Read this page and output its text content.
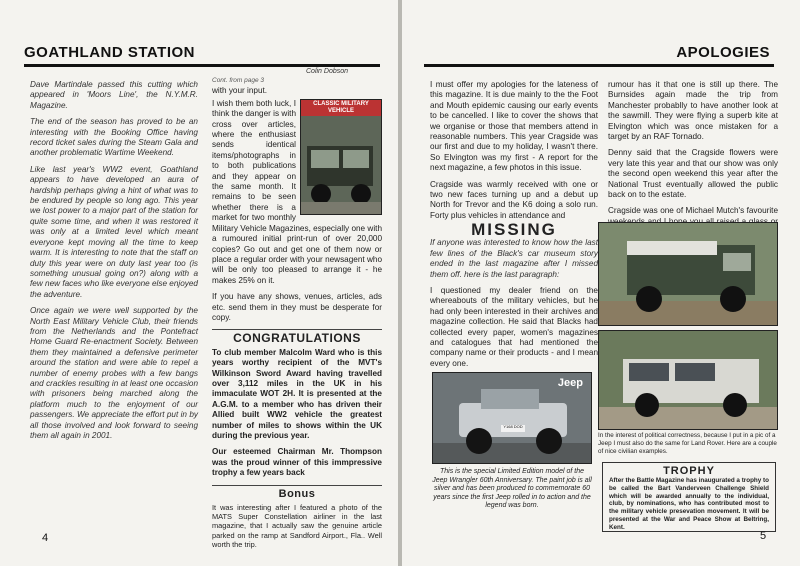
GOATHLAND STATION
Colin Dobson

Dave Martindale passed this cutting which appeared in 'Moors Line', the N.Y.M.R. Magazine.

The end of the season has proved to be an interesting with the Booking Office having record ticket sales during the Steam Gala and another problematic Wartime Weekend.

Like last year's WW2 event, Goathland appears to have developed an aura of hardship perhaps giving a hint of what was to be endured by people so long ago. This year we lost power to a major part of the station for quite some time, and when it was restored it was only at a limited level which meant everyone kept moving all the time to keep warm. It is interesting to note that the staff on duty this year were on duty last year too (is something unusual going on?) along with a few new faces who like everyone else enjoyed the adventure.

Once again we were well supported by the North East Military Vehicle Club, their friends from the Netherlands and the Pontefract Home Guard Re-enactment Society. Between them they maintained a defensive perimeter around the station and were able to repel a number of enemy probes with a few bangs and crackles resulting in at least one occasion with prisoners being marched along the platform much to the enjoyment of our passengers. We appreciate the effort put in by all those involved and look forward to seeing them all again in 2001.

Cont. from page 3

with your input.

CLASSIC MILITARY VEHICLE

I wish them both luck, I think the danger is with cross over articles, where the enthusiast sends identical items/photographs in to both publications and they appear on the same month. It remains to be seen whether there is a market for two monthly Military Vehicle Magazines, especially one with a rumoured initial print-run of over 20,000 copies? Go out and get one of them now or place a regular order with your newsagent who will be only too pleased to arrange it - he makes 25% on it.

If you have any shows, venues, articles, ads etc. send them in they must be desperate for copy.

CONGRATULATIONS

To club member Malcolm Ward who is this years worthy recipient of the MVT's Wilkinson Sword Award having travelled over 3,112 miles in the UK in his immaculate WOT 2H. It is presented at the A.G.M. to a member who has driven their Allied built WW2 vehicle the greatest number of miles to shows within the UK during the previous year.

Our esteemed Chairman Mr. Thompson was the proud winner of this immpressive trophy a few years back

Bonus

It was interesting after I featured a photo of the MATS Super Constellation airliner in the last magazine, that I actually saw the genuine article parked on the ramp at Sandford Airport., Fla.. Well worth the trip.

4
APOLOGIES

I must offer my apologies for the lateness of this magazine. It is due mainly to the the Foot and Mouth epidemic causing our early events to be cancelled. I like to cover the shows that we organise or those that members attend in reasonable numbers. This year Cragside was our first and due to my holiday, I wasn't there. So Elvington was my first - A report for the next magazine, a few photos in this issue.

Cragside was warmly received with one or two new faces turning up and a debut up North for Trevor and the K6 doing a solo run. Forty plus vehicles in attendance and

rumour has it that one is still up there. The Burnsides again made the trip from Manchester probablly to have another look at the sawmill. They were flying a superb kite at Elvington which was once mistaken for a target by an RAF Tornado.

Denny said that the Cragside flowers were very late this year and that our show was only the second open weekend this year after the National Trust eventually allowed the public back on to the estate.

Cragside was one of Michael Mutch's favourite

MISSING

If anyone was interested to know how the last few lines of the Black's car museum story ended in the last magazine after I missed them off. here is the last paragraph:

I questioned my dealer friend on the whereabouts of the military vehicles, but he had only been interested in their archives and magazine collection. He said that Blacks had collected every paper, women's magazines and catalogues that had mentioned the company name or their products - and I mean every one.

Jeep
Y168 DOD
This is the special Limited Edition model of the Jeep Wrangler 60th Anniversary. The paint job is all silver and has been produced to commemorate 60 years since the first Jeep rolled in to action and the legend was born.
In the interest of political correctness, because I put in a pic of a Jeep I must also do the same for Land Rover. Here are a couple of nice civilian examples.
TROPHY
After the Battle Magazine has inaugurated a trophy to be called the Bart Vanderveen Challenge Shield which will be awarded annually to the individual, club, by nominations, who has contributed most to the military vehicle presevation movement. It will be presented at the War and Peace Show at Beltring, Kent.
5
